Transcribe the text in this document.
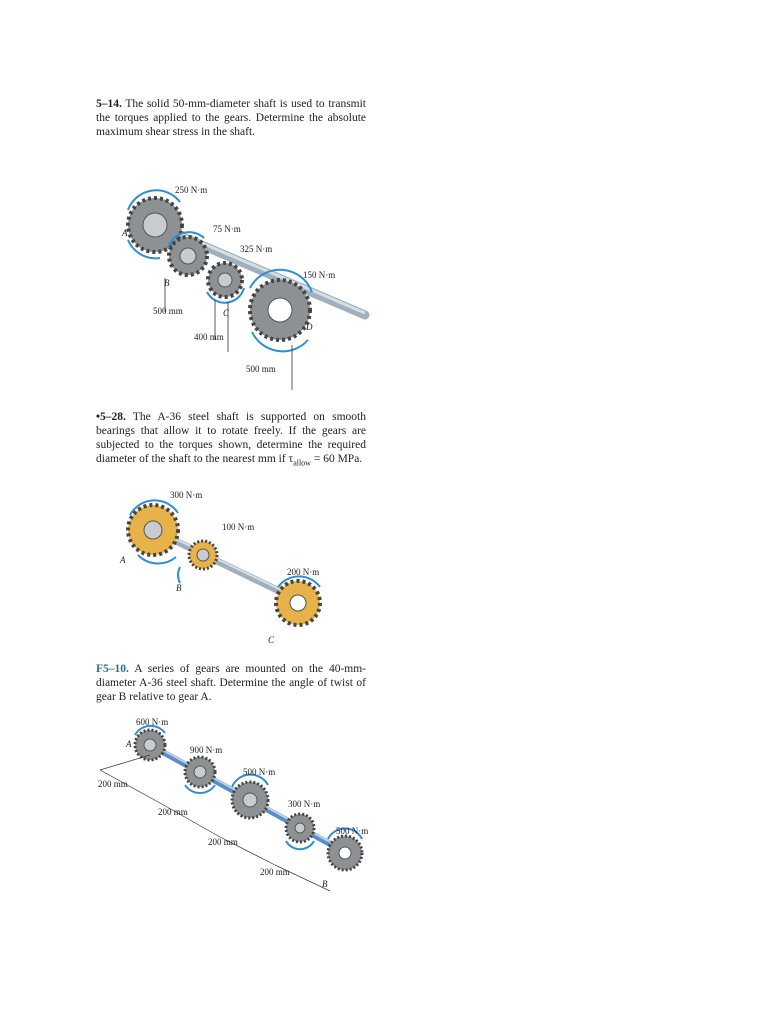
5–14. The solid 50-mm-diameter shaft is used to transmit the torques applied to the gears. Determine the absolute maximum shear stress in the shaft.
250 N·m
75 N·m
325 N·m
150 N·m
A
B
C
D
500 mm
400 mm
500 mm
•5–28. The A-36 steel shaft is supported on smooth bearings that allow it to rotate freely. If the gears are subjected to the torques shown, determine the required diameter of the shaft to the nearest mm if $\tau_{allow} = 60$ MPa.
300 N·m
100 N·m
200 N·m
A
B
C
F5–10. A series of gears are mounted on the 40-mm-diameter A-36 steel shaft. Determine the angle of twist of gear B relative to gear A.
600 N·m
900 N·m
500 N·m
300 N·m
500 N·m
A
B
200 mm
200 mm
200 mm
200 mm
